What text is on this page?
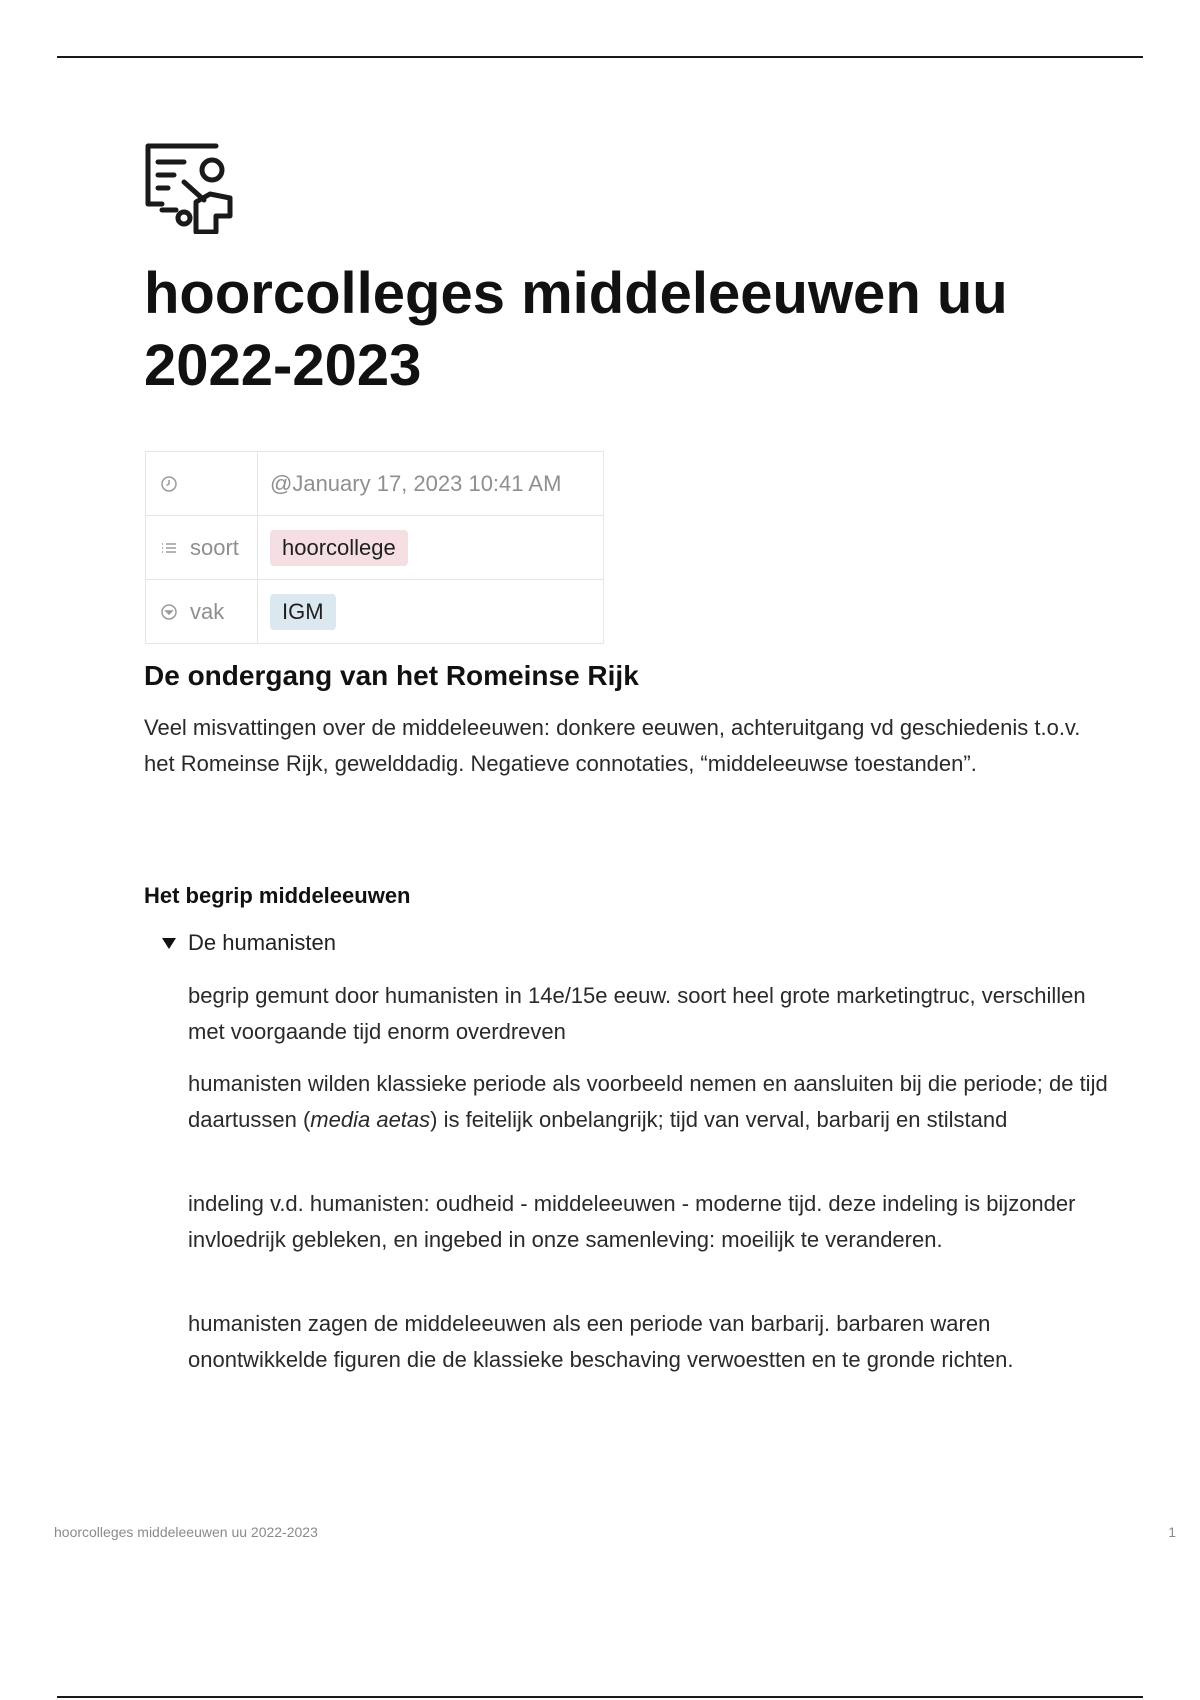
hoorcolleges middeleeuwen uu 2022-2023
	@January 17, 2023 10:41 AM

soort	hoorcollege

vak	IGM
De ondergang van het Romeinse Rijk

Veel misvattingen over de middeleeuwen: donkere eeuwen, achteruitgang vd geschiedenis t.o.v. het Romeinse Rijk, gewelddadig. Negatieve connotaties, “middeleeuwse toestanden”.

Het begrip middeleeuwen
De humanisten

begrip gemunt door humanisten in 14e/15e eeuw. soort heel grote marketingtruc, verschillen met voorgaande tijd enorm overdreven

humanisten wilden klassieke periode als voorbeeld nemen en aansluiten bij die periode; de tijd daartussen (media aetas) is feitelijk onbelangrijk; tijd van verval, barbarij en stilstand

indeling v.d. humanisten: oudheid - middeleeuwen - moderne tijd. deze indeling is bijzonder invloedrijk gebleken, en ingebed in onze samenleving: moeilijk te veranderen.

humanisten zagen de middeleeuwen als een periode van barbarij. barbaren waren onontwikkelde figuren die de klassieke beschaving verwoestten en te gronde richten.

hoorcolleges middeleeuwen uu 2022-2023	1
